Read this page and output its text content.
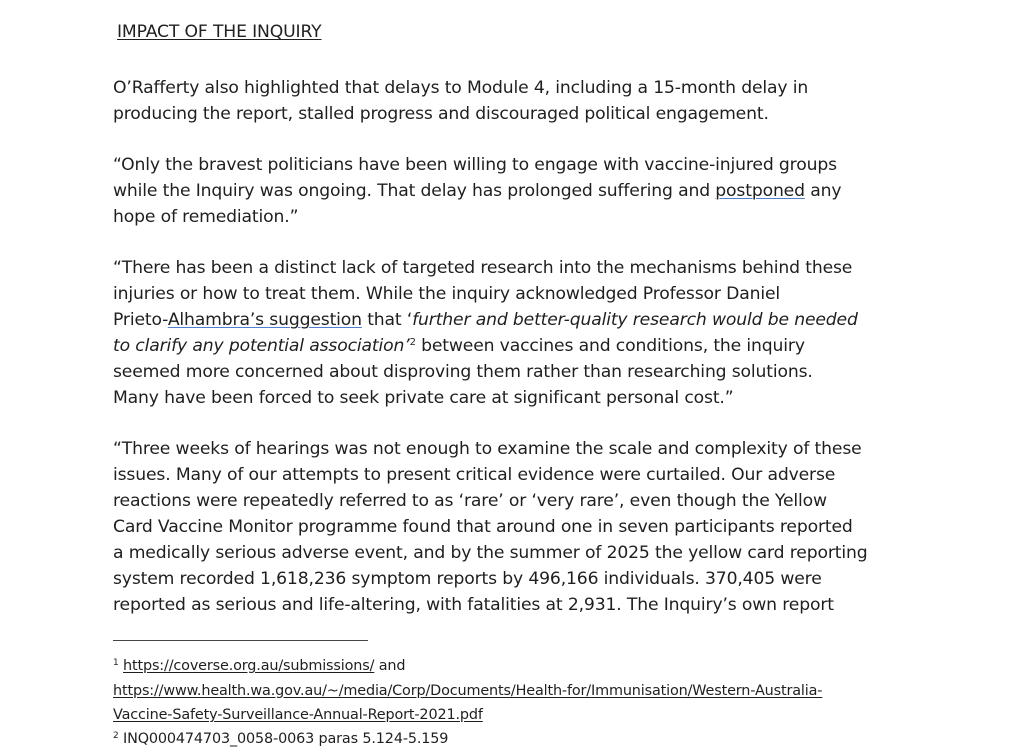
IMPACT OF THE INQUIRY
O’Rafferty also highlighted that delays to Module 4, including a 15-month delay in
producing the report, stalled progress and discouraged political engagement.
“Only the bravest politicians have been willing to engage with vaccine-injured groups
while the Inquiry was ongoing. That delay has prolonged suffering and postponed any
hope of remediation.”
“There has been a distinct lack of targeted research into the mechanisms behind these
injuries or how to treat them. While the inquiry acknowledged Professor Daniel
Prieto-Alhambra’s suggestion that ‘further and better-quality research would be needed
to clarify any potential association’$^2$ between vaccines and conditions, the inquiry
seemed more concerned about disproving them rather than researching solutions.
Many have been forced to seek private care at significant personal cost.”
“Three weeks of hearings was not enough to examine the scale and complexity of these
issues. Many of our attempts to present critical evidence were curtailed. Our adverse
reactions were repeatedly referred to as ‘rare’ or ‘very rare’, even though the Yellow
Card Vaccine Monitor programme found that around one in seven participants reported
a medically serious adverse event, and by the summer of 2025 the yellow card reporting
system recorded 1,618,236 symptom reports by 496,166 individuals. 370,405 were
reported as serious and life-altering, with fatalities at 2,931. The Inquiry’s own report
$^1$ https://coverse.org.au/submissions/ and
https://www.health.wa.gov.au/~/media/Corp/Documents/Health-for/Immunisation/Western-Australia-
Vaccine-Safety-Surveillance-Annual-Report-2021.pdf
$^2$ INQ000474703_0058-0063 paras 5.124-5.159
